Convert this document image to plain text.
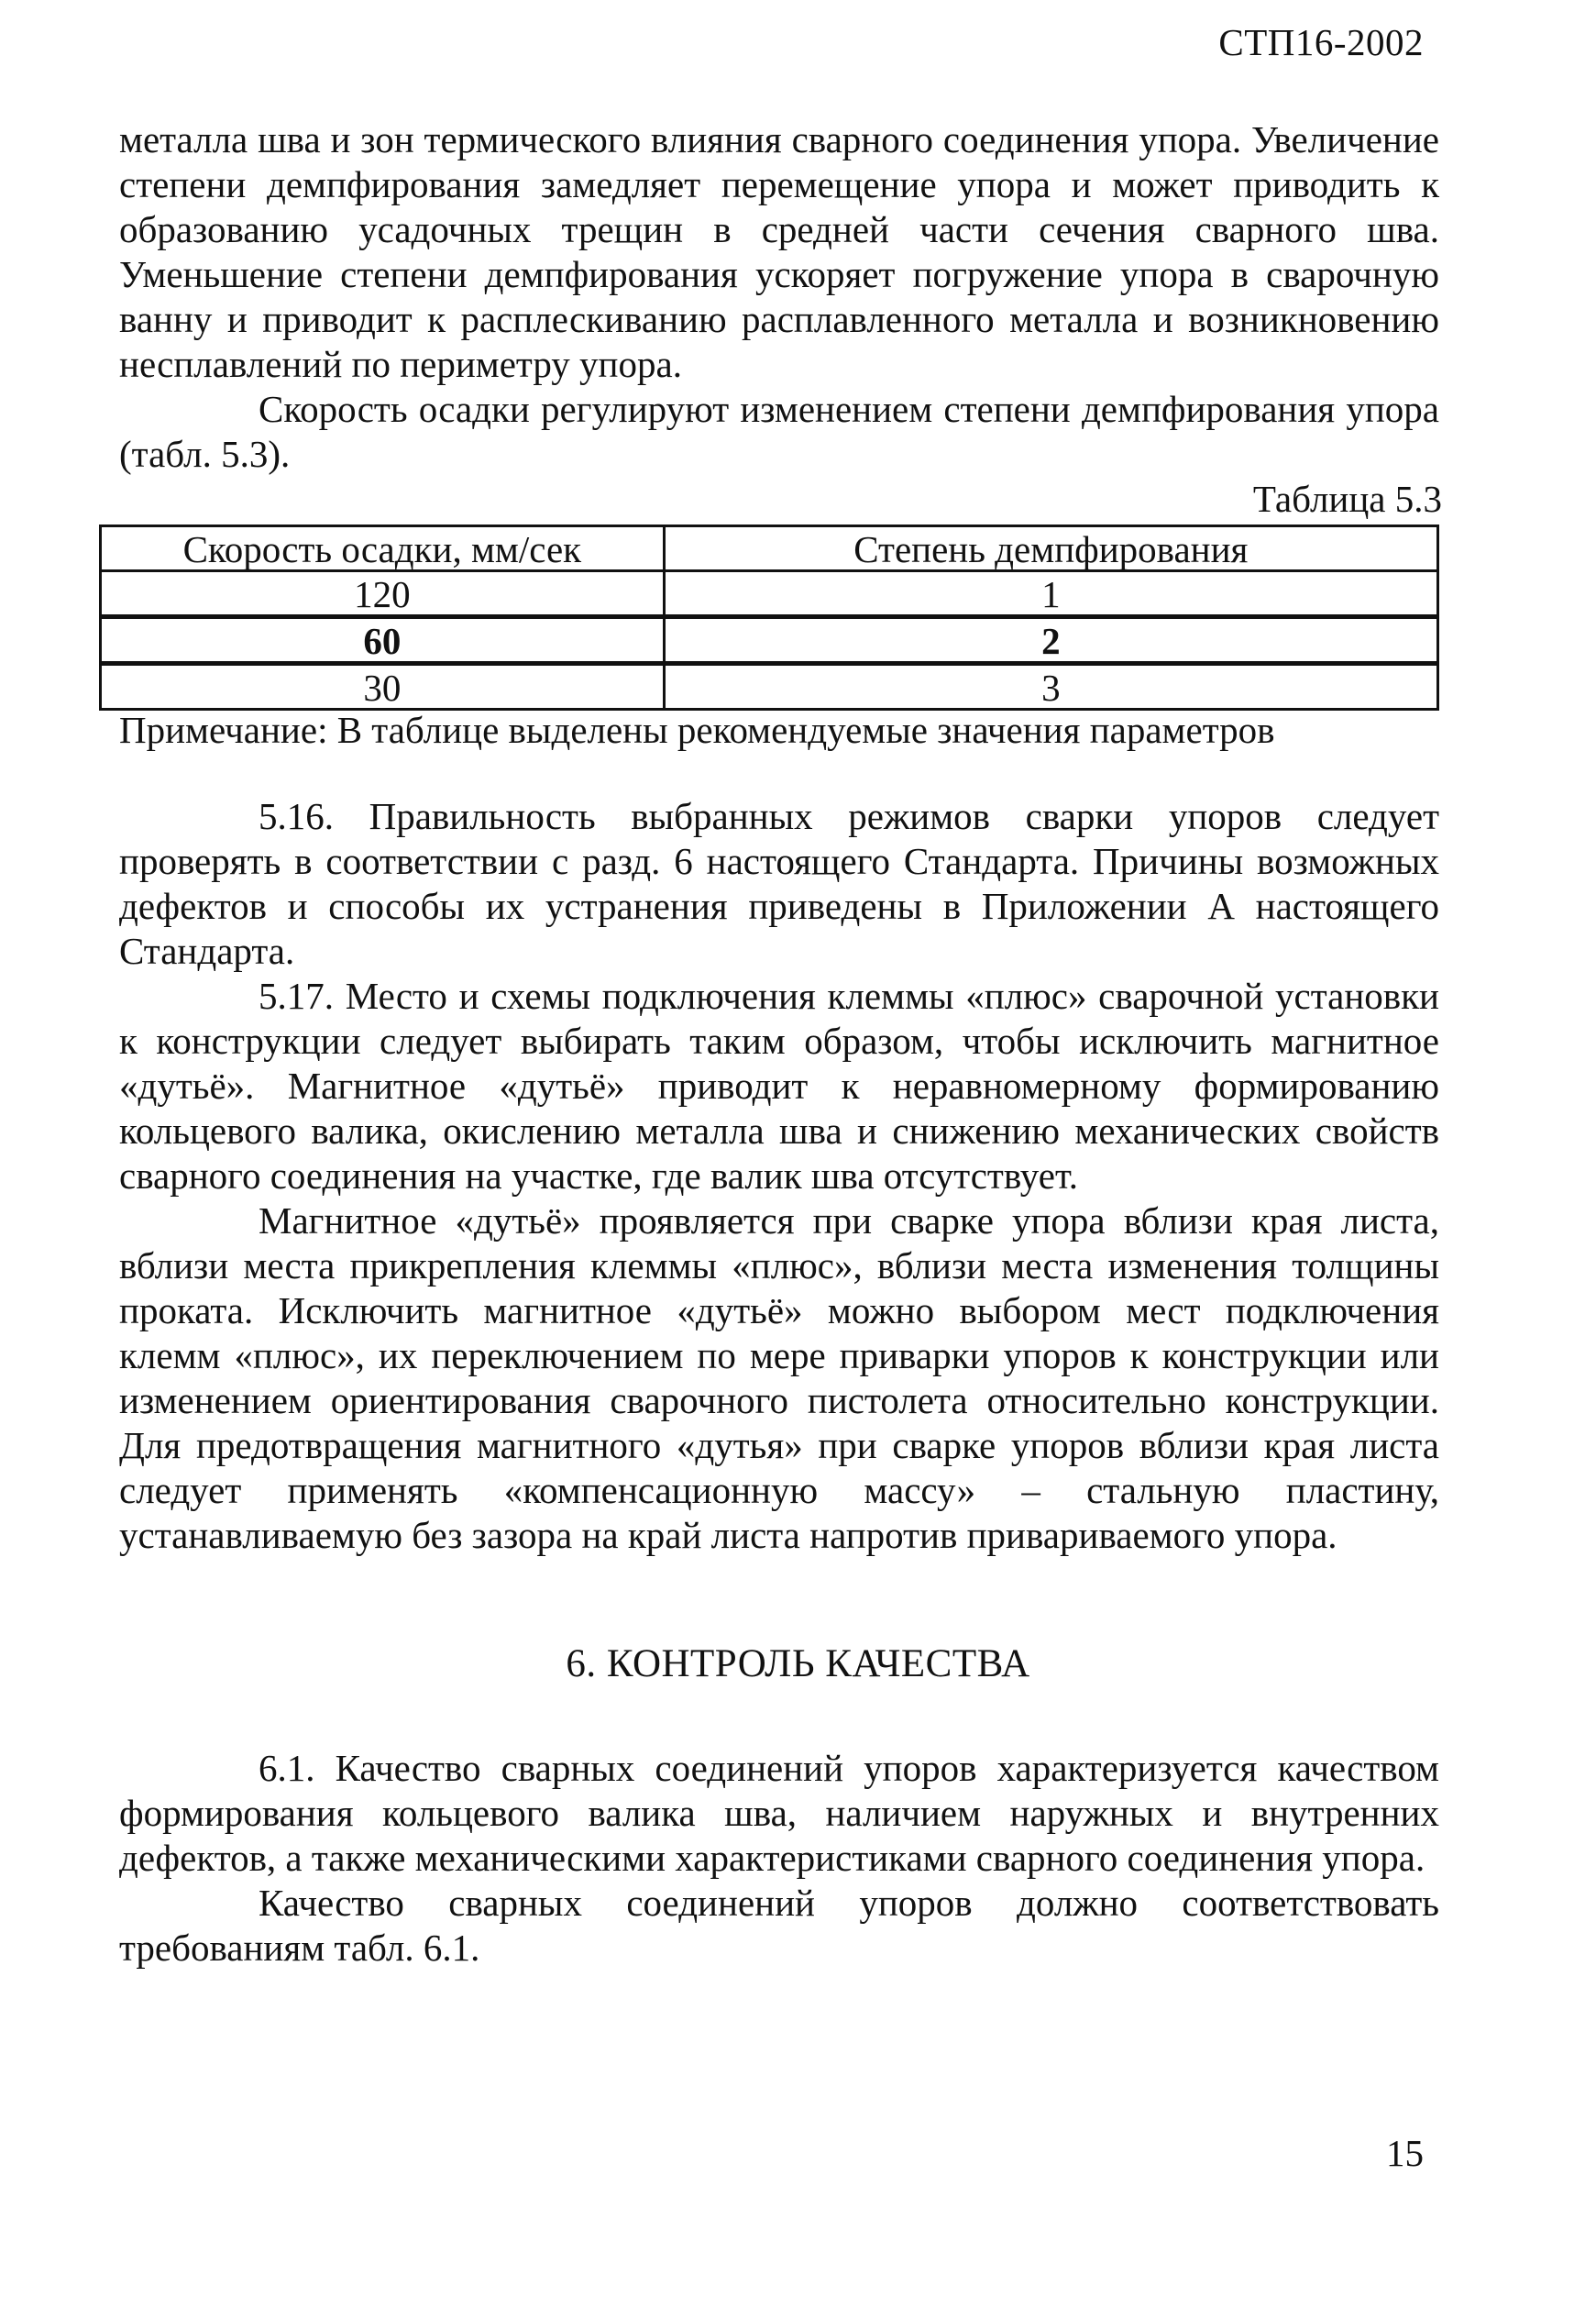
СТП16-2002

металла шва и зон термического влияния сварного соединения упора. Увеличение степени демпфирования замедляет перемещение упора и может приводить к образованию усадочных трещин в средней части сечения сварного шва. Уменьшение степени демпфирования ускоряет погружение упора в сварочную ванну и приводит к расплескиванию расплавленного металла и возникновению несплавлений по периметру упора.

Скорость осадки регулируют изменением степени демпфирования упора (табл. 5.3).

Таблица 5.3
Скорость осадки, мм/сек	Степень демпфирования
120	1
60	2
30	3
Примечание: В таблице выделены рекомендуемые значения параметров

5.16. Правильность выбранных режимов сварки упоров следует проверять в соответствии с разд. 6 настоящего Стандарта. Причины возможных дефектов и способы их устранения приведены в Приложении А настоящего Стандарта.

5.17. Место и схемы подключения клеммы «плюс» сварочной установки к конструкции следует выбирать таким образом, чтобы исключить магнитное «дутьё». Магнитное «дутьё» приводит к неравномерному формированию кольцевого валика, окислению металла шва и снижению механических свойств сварного соединения на участке, где валик шва отсутствует.

Магнитное «дутьё» проявляется при сварке упора вблизи края листа, вблизи места прикрепления клеммы «плюс», вблизи места изменения толщины проката. Исключить магнитное «дутьё» можно выбором мест подключения клемм «плюс», их переключением по мере приварки упоров к конструкции или изменением ориентирования сварочного пистолета относительно конструкции. Для предотвращения магнитного «дутья» при сварке упоров вблизи края листа следует применять «компенсационную массу» – стальную пластину, устанавливаемую без зазора на край листа напротив привариваемого упора.

6. КОНТРОЛЬ КАЧЕСТВА

6.1. Качество сварных соединений упоров характеризуется качеством формирования кольцевого валика шва, наличием наружных и внутренних дефектов, а также механическими характеристиками сварного соединения упора.

Качество сварных соединений упоров должно соответствовать требованиям табл. 6.1.

15
